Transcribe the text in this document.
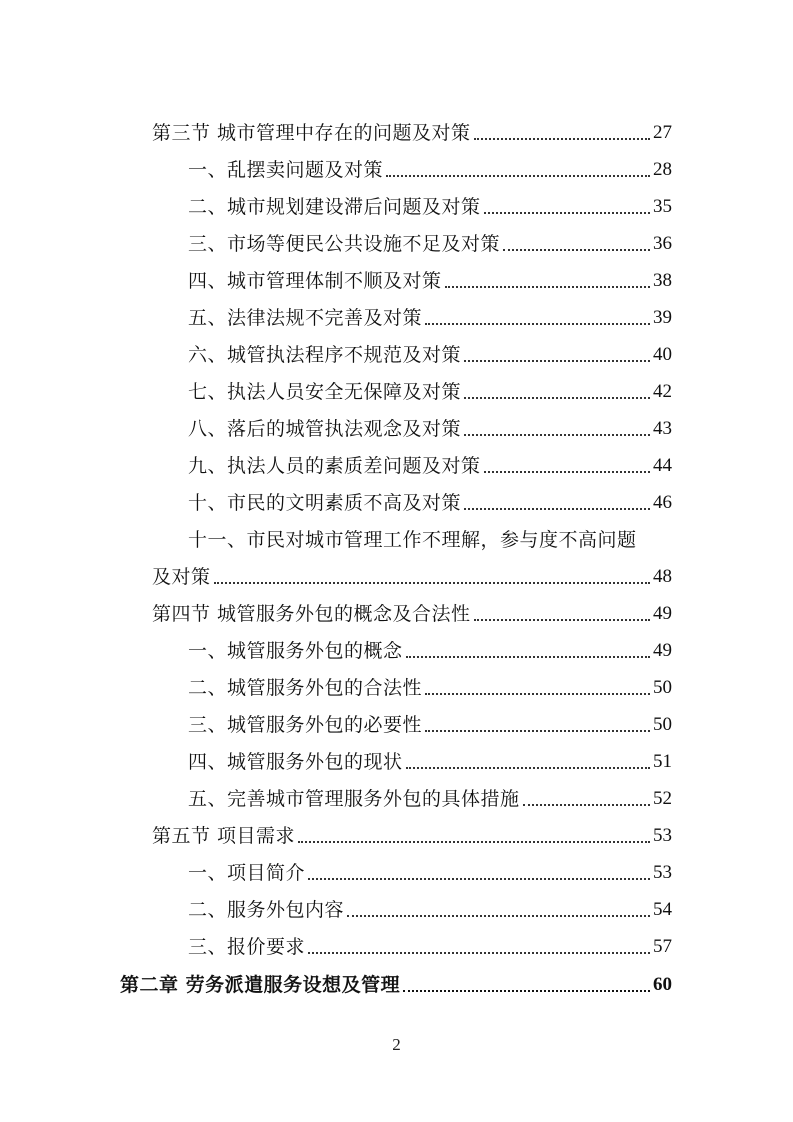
第三节 城市管理中存在的问题及对策	27
一、乱摆卖问题及对策	28
二、城市规划建设滞后问题及对策	35
三、市场等便民公共设施不足及对策	36
四、城市管理体制不顺及对策	38
五、法律法规不完善及对策	39
六、城管执法程序不规范及对策	40
七、执法人员安全无保障及对策	42
八、落后的城管执法观念及对策	43
九、执法人员的素质差问题及对策	44
十、市民的文明素质不高及对策	46
十一、市民对城市管理工作不理解，参与度不高问题
及对策	48
第四节 城管服务外包的概念及合法性	49
一、城管服务外包的概念	49
二、城管服务外包的合法性	50
三、城管服务外包的必要性	50
四、城管服务外包的现状	51
五、完善城市管理服务外包的具体措施	52
第五节 项目需求	53
一、项目简介	53
二、服务外包内容	54
三、报价要求	57
第二章 劳务派遣服务设想及管理	60
2
